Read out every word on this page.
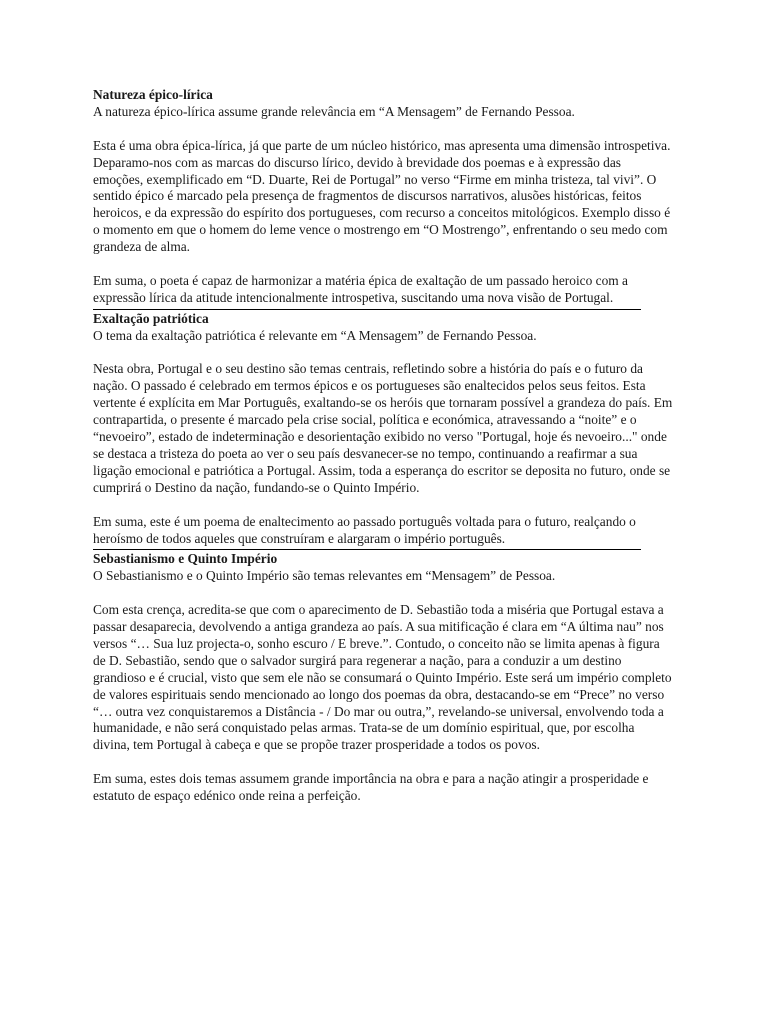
Natureza épico-lírica

A natureza épico-lírica assume grande relevância em “A Mensagem” de Fernando Pessoa.

Esta é uma obra épica-lírica, já que parte de um núcleo histórico, mas apresenta uma dimensão introspetiva. Deparamo-nos com as marcas do discurso lírico, devido à brevidade dos poemas e à expressão das emoções, exemplificado em “D. Duarte, Rei de Portugal” no verso “Firme em minha tristeza, tal vivi”. O sentido épico é marcado pela presença de fragmentos de discursos narrativos, alusões históricas, feitos heroicos, e da expressão do espírito dos portugueses, com recurso a conceitos mitológicos. Exemplo disso é o momento em que o homem do leme vence o mostrengo em “O Mostrengo”, enfrentando o seu medo com grandeza de alma.

Em suma, o poeta é capaz de harmonizar a matéria épica de exaltação de um passado heroico com a expressão lírica da atitude intencionalmente introspetiva, suscitando uma nova visão de Portugal.

Exaltação patriótica

O tema da exaltação patriótica é relevante em “A Mensagem” de Fernando Pessoa.

Nesta obra, Portugal e o seu destino são temas centrais, refletindo sobre a história do país e o futuro da nação. O passado é celebrado em termos épicos e os portugueses são enaltecidos pelos seus feitos. Esta vertente é explícita em Mar Português, exaltando-se os heróis que tornaram possível a grandeza do país. Em contrapartida, o presente é marcado pela crise social, política e económica, atravessando a “noite” e o “nevoeiro”, estado de indeterminação e desorientação exibido no verso "Portugal, hoje és nevoeiro..." onde se destaca a tristeza do poeta ao ver o seu país desvanecer-se no tempo, continuando a reafirmar a sua ligação emocional e patriótica a Portugal. Assim, toda a esperança do escritor se deposita no futuro, onde se cumprirá o Destino da nação, fundando-se o Quinto Império.

Em suma, este é um poema de enaltecimento ao passado português voltada para o futuro, realçando o heroísmo de todos aqueles que construíram e alargaram o império português.

Sebastianismo e Quinto Império

O Sebastianismo e o Quinto Império são temas relevantes em “Mensagem” de Pessoa.

Com esta crença, acredita-se que com o aparecimento de D. Sebastião toda a miséria que Portugal estava a passar desaparecia, devolvendo a antiga grandeza ao país. A sua mitificação é clara em “A última nau” nos versos “… Sua luz projecta-o, sonho escuro / E breve.”. Contudo, o conceito não se limita apenas à figura de D. Sebastião, sendo que o salvador surgirá para regenerar a nação, para a conduzir a um destino grandioso e é crucial, visto que sem ele não se consumará o Quinto Império. Este será um império completo de valores espirituais sendo mencionado ao longo dos poemas da obra, destacando-se em “Prece” no verso “… outra vez conquistaremos a Distância - / Do mar ou outra,”, revelando-se universal, envolvendo toda a humanidade, e não será conquistado pelas armas. Trata-se de um domínio espiritual, que, por escolha divina, tem Portugal à cabeça e que se propõe trazer prosperidade a todos os povos.

Em suma, estes dois temas assumem grande importância na obra e para a nação atingir a prosperidade e estatuto de espaço edénico onde reina a perfeição.
